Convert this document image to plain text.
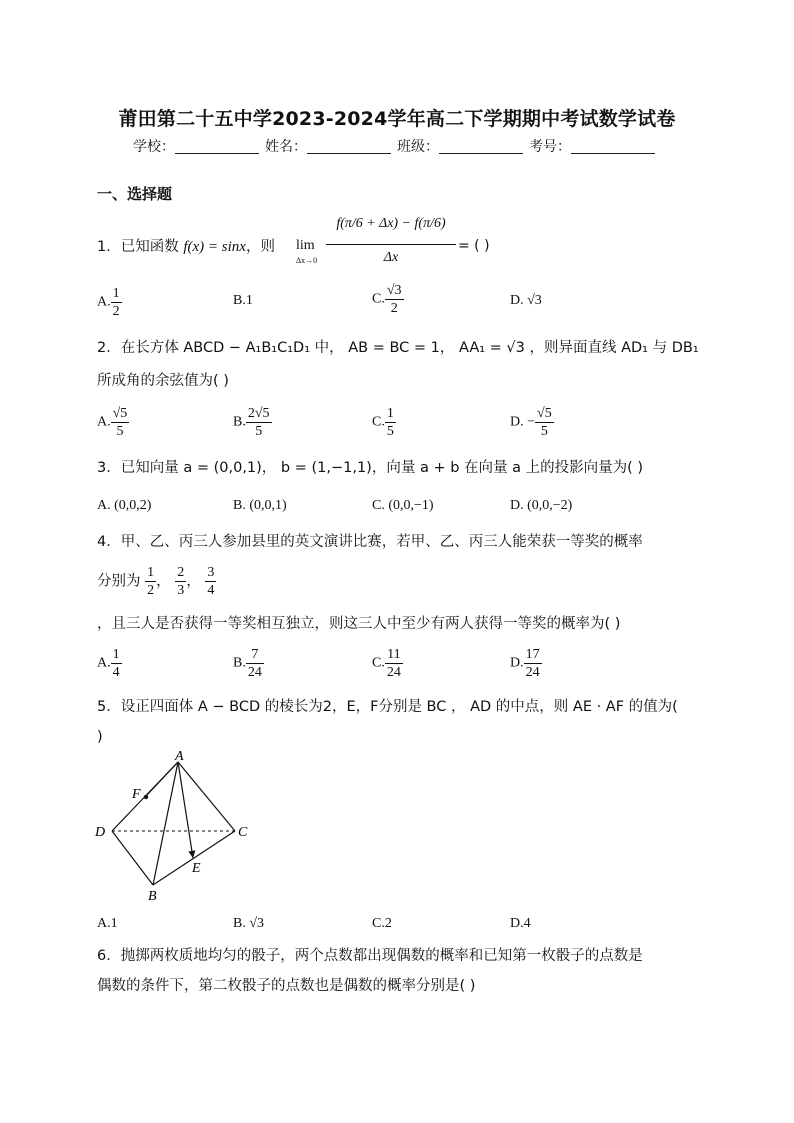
莆田第二十五中学2023-2024学年高二下学期期中考试数学试卷
学校：	姓名：	班级：	考号：
一、选择题
1．已知函数 f(x) = sinx，则 lim
Δx→0
f(π/6 + Δx) − f(π/6)
Δx
= ( )
A. $\frac{1}{2}$	B.1	C. $\frac{√3}{2}$	D. √3
2．在长方体 ABCD − A₁B₁C₁D₁ 中， AB = BC = 1， AA₁ = √3 ，则异面直线 AD₁ 与 DB₁
所成角的余弦值为( )
A. $\frac{√5}{5}$	B. $\frac{2√5}{5}$	C. $\frac{1}{5}$	D. − $\frac{√5}{5}$
3．已知向量 a = (0,0,1)， b = (1,−1,1)，向量 a + b 在向量 a 上的投影向量为( )
A. (0,0,2)	B. (0,0,1)	C. (0,0,−1)	D. (0,0,−2)
4．甲、乙、丙三人参加县里的英文演讲比赛，若甲、乙、丙三人能荣获一等奖的概率
分别为 $\frac{1}{2}$ ， $\frac{2}{3}$ ， $\frac{3}{4}$
，且三人是否获得一等奖相互独立，则这三人中至少有两人获得一等奖的概率为( )
A. $\frac{1}{4}$	B. $\frac{7}{24}$	C. $\frac{11}{24}$	D. $\frac{17}{24}$
5．设正四面体 A − BCD 的棱长为2，E，F分别是 BC ， AD 的中点，则 AE · AF 的值为(
)
A
F
D	C
E
B
A.1	B. √3	C.2	D.4
6．抛掷两枚质地均匀的骰子，两个点数都出现偶数的概率和已知第一枚骰子的点数是
偶数的条件下，第二枚骰子的点数也是偶数的概率分别是( )
